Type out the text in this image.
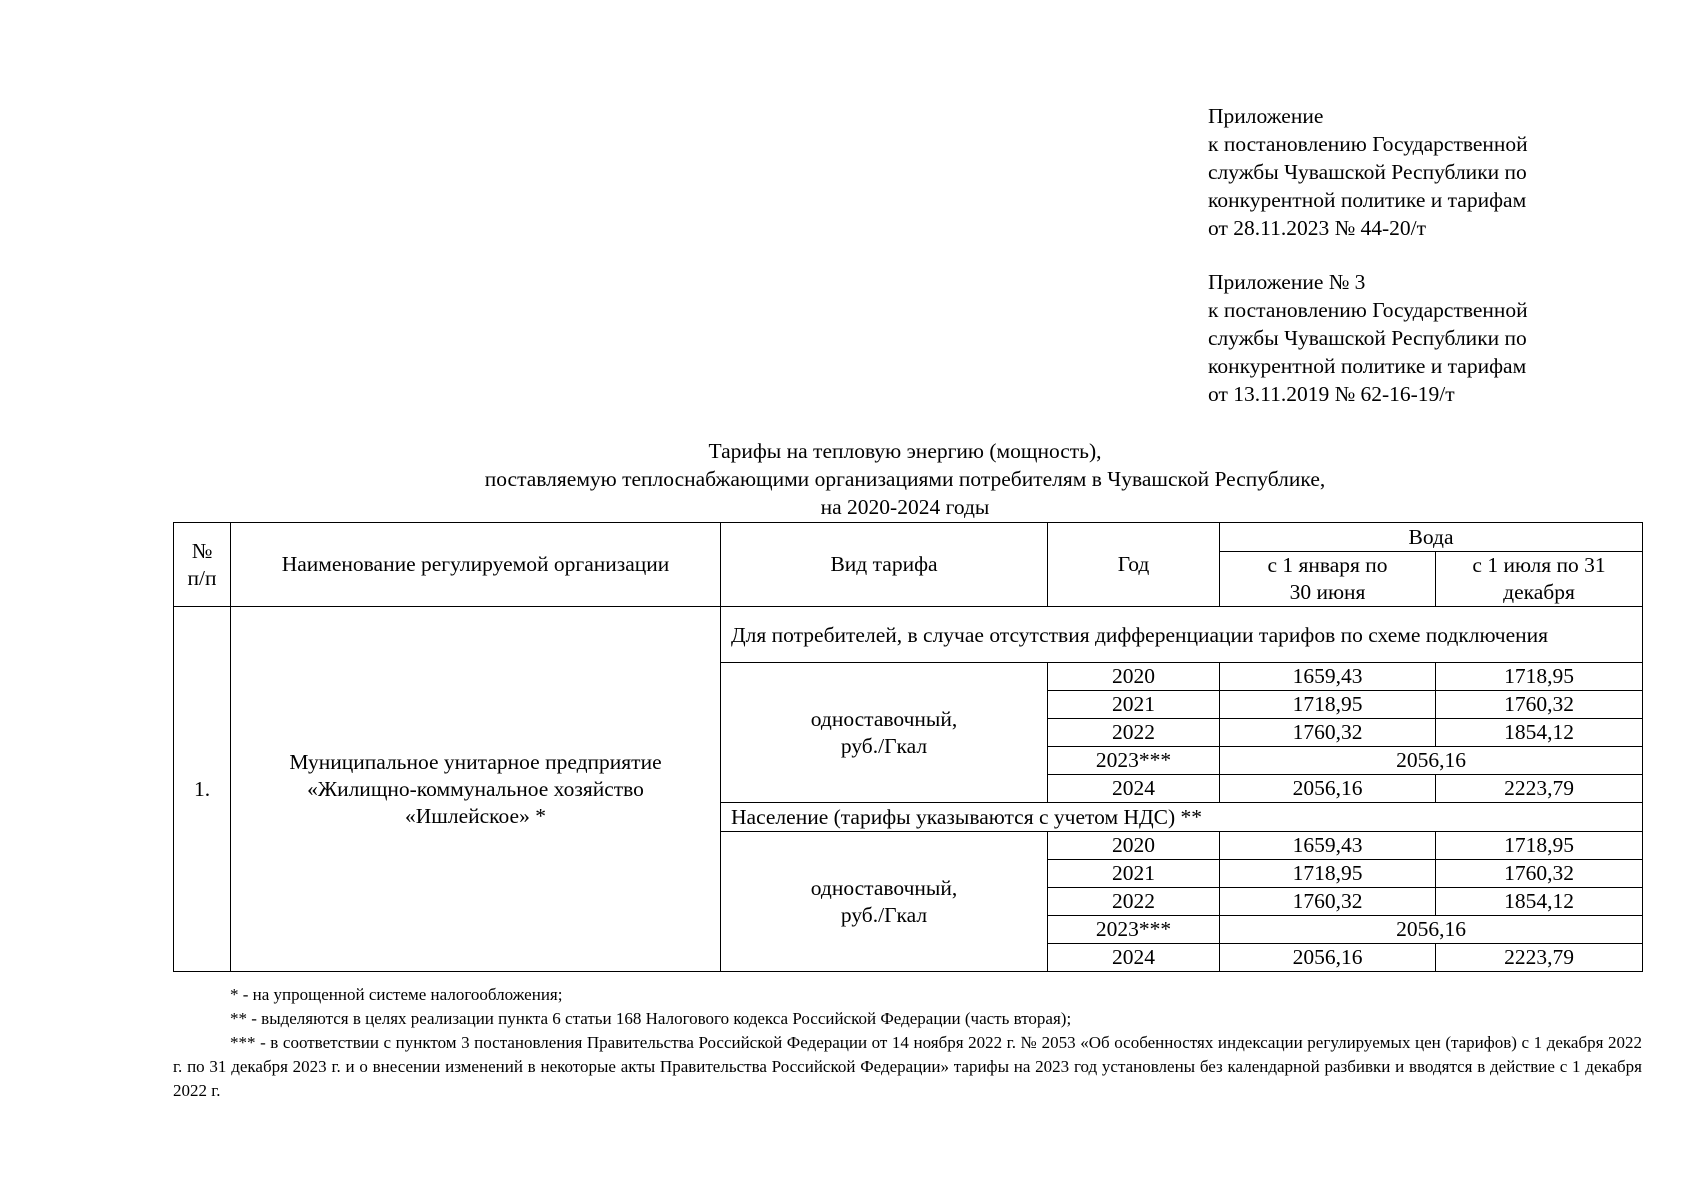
Приложение
к постановлению Государственной
службы Чувашской Республики по
конкурентной политике и тарифам
от 28.11.2023 № 44-20/т
Приложение № 3
к постановлению Государственной
службы Чувашской Республики по
конкурентной политике и тарифам
от 13.11.2019 № 62-16-19/т
Тарифы на тепловую энергию (мощность),
поставляемую теплоснабжающими организациями потребителям в Чувашской Республике,
на 2020-2024 годы
№ п/п	Наименование регулируемой организации	Вид тарифа	Год	Вода	
				с 1 января по 30 июня	с 1 июля по 31 декабря

1.	Муниципальное унитарное предприятие «Жилищно-коммунальное хозяйство «Ишлейское» *	Для потребителей, в случае отсутствия дифференциации тарифов по схеме подключения			
		одноставочный, руб./Гкал	2020	1659,43	1718,95
			2021	1718,95	1760,32
			2022	1760,32	1854,12
			2023***	2056,16	
			2024	2056,16	2223,79
		Население (тарифы указываются с учетом НДС) **			
		одноставочный, руб./Гкал	2020	1659,43	1718,95
			2021	1718,95	1760,32
			2022	1760,32	1854,12
			2023***	2056,16	
			2024	2056,16	2223,79

* - на упрощенной системе налогообложения;

** - выделяются в целях реализации пункта 6 статьи 168 Налогового кодекса Российской Федерации (часть вторая);

*** - в соответствии с пунктом 3 постановления Правительства Российской Федерации от 14 ноября 2022 г. № 2053 «Об особенностях индексации регулируемых цен (тарифов) с 1 декабря 2022 г. по 31 декабря 2023 г. и о внесении изменений в некоторые акты Правительства Российской Федерации» тарифы на 2023 год установлены без календарной разбивки и вводятся в действие с 1 декабря 2022 г.
